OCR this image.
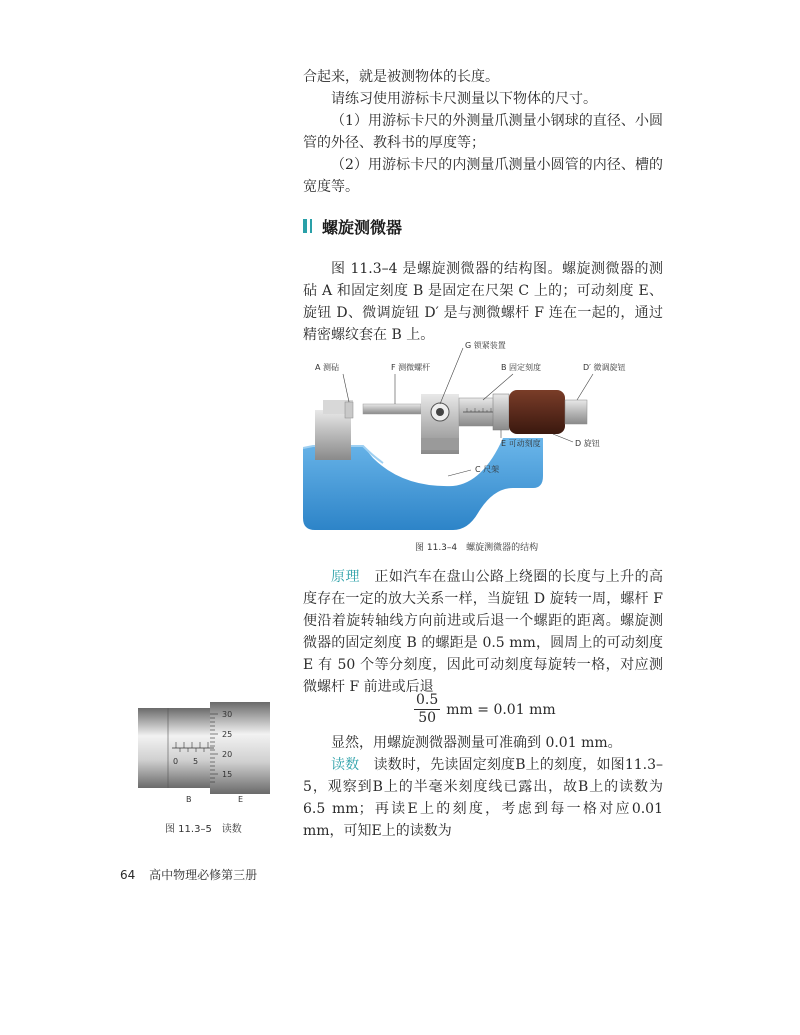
合起来，就是被测物体的长度。

请练习使用游标卡尺测量以下物体的尺寸。

（1）用游标卡尺的外测量爪测量小钢球的直径、小圆管的外径、教科书的厚度等；

（2）用游标卡尺的内测量爪测量小圆管的内径、槽的宽度等。

螺旋测微器

图 11.3–4 是螺旋测微器的结构图。螺旋测微器的测砧 A 和固定刻度 B 是固定在尺架 C 上的；可动刻度 E、旋钮 D、微调旋钮 D′ 是与测微螺杆 F 连在一起的，通过精密螺纹套在 B 上。

G 锁紧装置
A 测砧	F 测微螺杆	B 固定刻度	D′ 微调旋钮
E 可动刻度	D 旋钮
C 尺架
图 11.3–4　螺旋测微器的结构

原理　 正如汽车在盘山公路上绕圈的长度与上升的高度存在一定的放大关系一样，当旋钮 D 旋转一周，螺杆 F 便沿着旋转轴线方向前进或后退一个螺距的距离。螺旋测微器的固定刻度 B 的螺距是 0.5 mm，圆周上的可动刻度 E 有 50 个等分刻度，因此可动刻度每旋转一格，对应测微螺杆 F 前进或后退

$\frac{0.5}{50}$ mm = 0.01 mm

显然，用螺旋测微器测量可准确到 0.01 mm。

读数　 读数时，先读固定刻度B上的刻度，如图11.3–5，观察到B上的半毫米刻度线已露出，故B上的读数为 6.5 mm；再读E上的刻度，考虑到每一格对应0.01 mm，可知E上的读数为

30
25
20
15
0 5
B	E
图 11.3–5　读数
64 高中物理必修第三册
